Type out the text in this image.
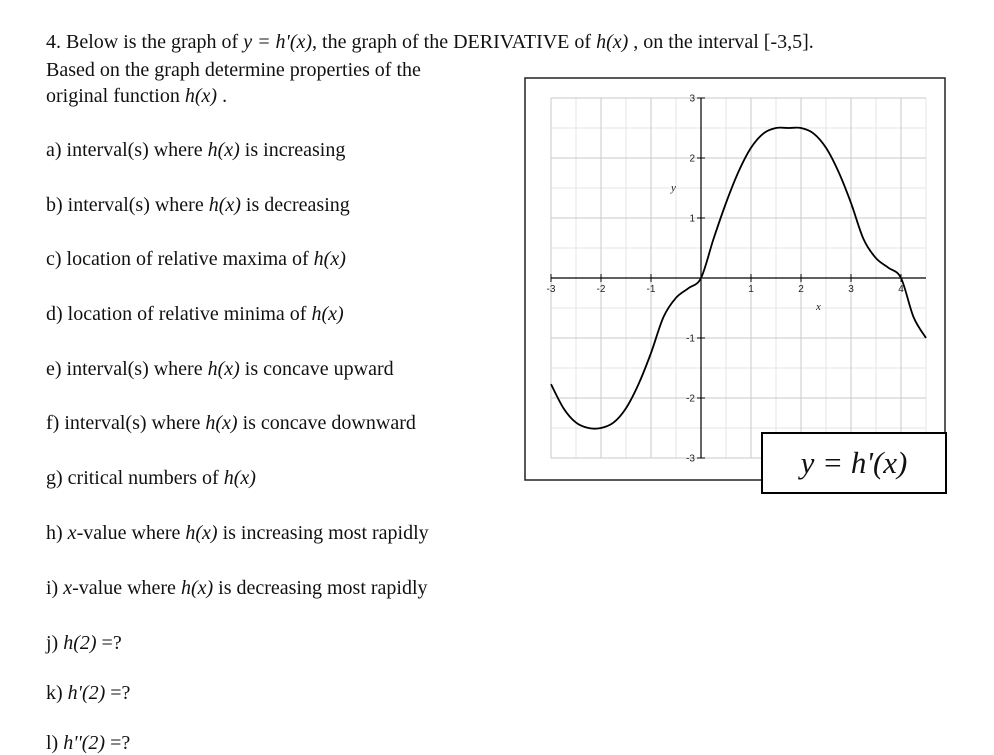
4. Below is the graph of y = h'(x), the graph of the DERIVATIVE of h(x) , on the interval [-3,5].
Based on the graph determine properties of the
original function h(x) .
a) interval(s) where h(x) is increasing
b) interval(s) where h(x) is decreasing
c) location of relative maxima of h(x)
d) location of relative minima of h(x)
e) interval(s) where h(x) is concave upward
f) interval(s) where h(x) is concave downward
g) critical numbers of h(x)
h) x-value where h(x) is increasing most rapidly
i) x-value where h(x) is decreasing most rapidly
j) h(2) =?
k) h'(2) =?
l) h''(2) =?
-3	-2	-1	1	2	3	4
3
2
1
-1
-2
-3
x
y
y = h'(x)
